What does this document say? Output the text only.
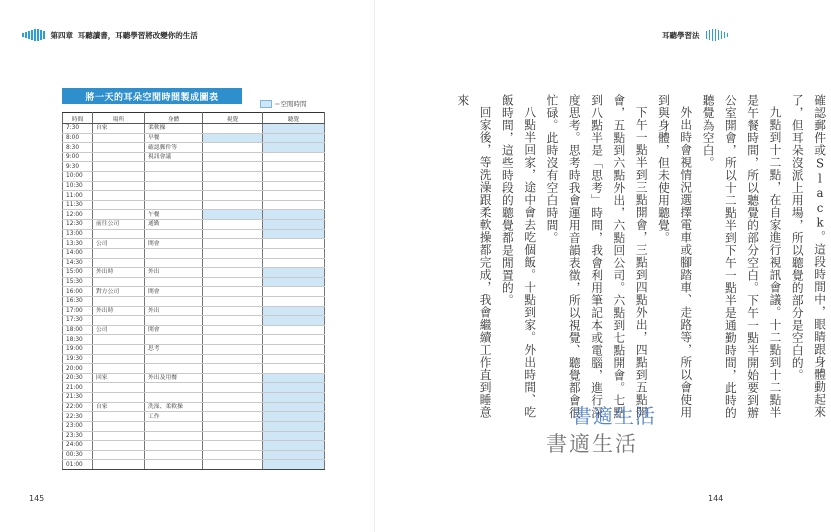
第四章 耳聽讀書，耳聽學習將改變你的生活	耳聽學習法
將一天的耳朵空閒時間製成圖表
＝空閒時間
時間	場所	身體	視覺	聽覺
7:30	自家	柔軟操		
8:00		早餐		
8:30		確認郵件等		
9:00		視訊會議		
9:30				
10:00				
10:30				
11:00				
11:30				
12:00		午餐		
12:30	前往公司	通勤		
13:00				
13:30	公司	開會		
14:00				
14:30				
15:00	外出時	外出		
15:30				
16:00	對方公司	開會		
16:30				
17:00	外出時	外出		
17:30				
18:00	公司	開會		
18:30				
19:00		思考		
19:30				
20:00				
20:30	回家	外出及用餐		
21:00				
21:30				
22:00	自家	洗澡、柔軟操		
22:30		工作		
23:00				
23:30				
24:00				
00:30				
01:00				

確認郵件或Slack。這段時間中，眼睛跟身體動起來了，但耳朵沒派上用場，所以聽覺的部分是空白的。

九點到十二點，在自家進行視訊會議。十二點到十二點半是午餐時間，所以聽覺的部分空白。下午一點半開始要到辦公室開會，所以十二點半到下午一點半是通勤時間，此時的聽覺為空白。

外出時會視情況選擇電車或腳踏車、走路等，所以會使用到與身體，但未使用聽覺。

下午一點半到三點開會，三點到四點外出，四點到五點開會，五點到六點外出，六點回公司。六點到七點開會。七點到八點半是「思考」時間，我會利用筆記本或電腦，進行深度思考。思考時我會運用音韻表徵，所以視覺、聽覺都會很忙碌。此時沒有空白時間。

八點半回家，途中會去吃個飯。十點到家。外出時間、吃飯時間，這些時段的聽覺都是閒置的。

回家後，等洗澡跟柔軟操都完成，我會繼續工作直到睡意來

書適生活
書適生活
145	144
